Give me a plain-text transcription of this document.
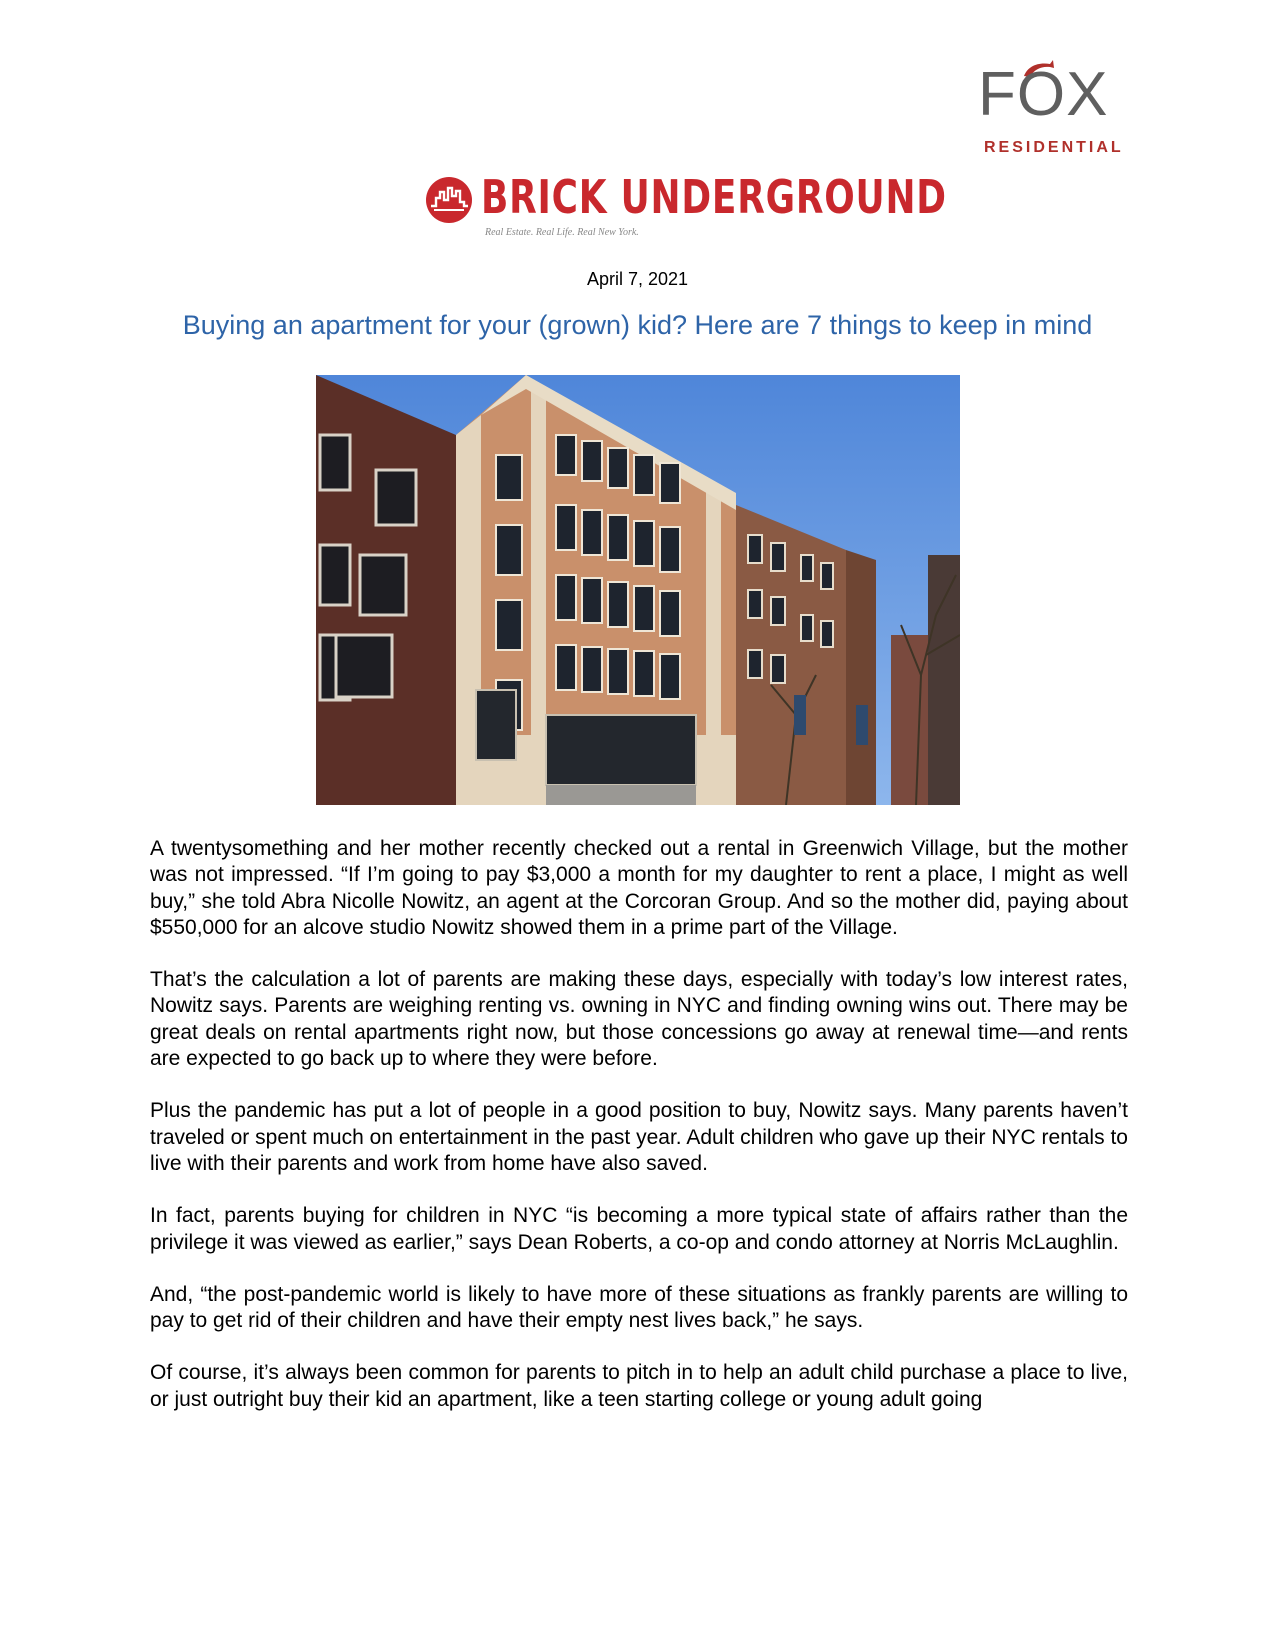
FOX
RESIDENTIAL
BRICK UNDERGROUND
Real Estate. Real Life. Real New York.
April 7, 2021
Buying an apartment for your (grown) kid? Here are 7 things to keep in mind

A twentysomething and her mother recently checked out a rental in Greenwich Village, but the mother was not impressed. “If I’m going to pay $3,000 a month for my daughter to rent a place, I might as well buy,” she told Abra Nicolle Nowitz, an agent at the Corcoran Group. And so the mother did, paying about $550,000 for an alcove studio Nowitz showed them in a prime part of the Village.

That’s the calculation a lot of parents are making these days, especially with today’s low interest rates, Nowitz says. Parents are weighing renting vs. owning in NYC and finding owning wins out. There may be great deals on rental apartments right now, but those concessions go away at renewal time—and rents are expected to go back up to where they were before.

Plus the pandemic has put a lot of people in a good position to buy, Nowitz says. Many parents haven’t traveled or spent much on entertainment in the past year. Adult children who gave up their NYC rentals to live with their parents and work from home have also saved.

In fact, parents buying for children in NYC “is becoming a more typical state of affairs rather than the privilege it was viewed as earlier,” says Dean Roberts, a co-op and condo attorney at Norris McLaughlin.

And, “the post-pandemic world is likely to have more of these situations as frankly parents are willing to pay to get rid of their children and have their empty nest lives back,” he says.

Of course, it’s always been common for parents to pitch in to help an adult child purchase a place to live, or just outright buy their kid an apartment, like a teen starting college or young adult going
